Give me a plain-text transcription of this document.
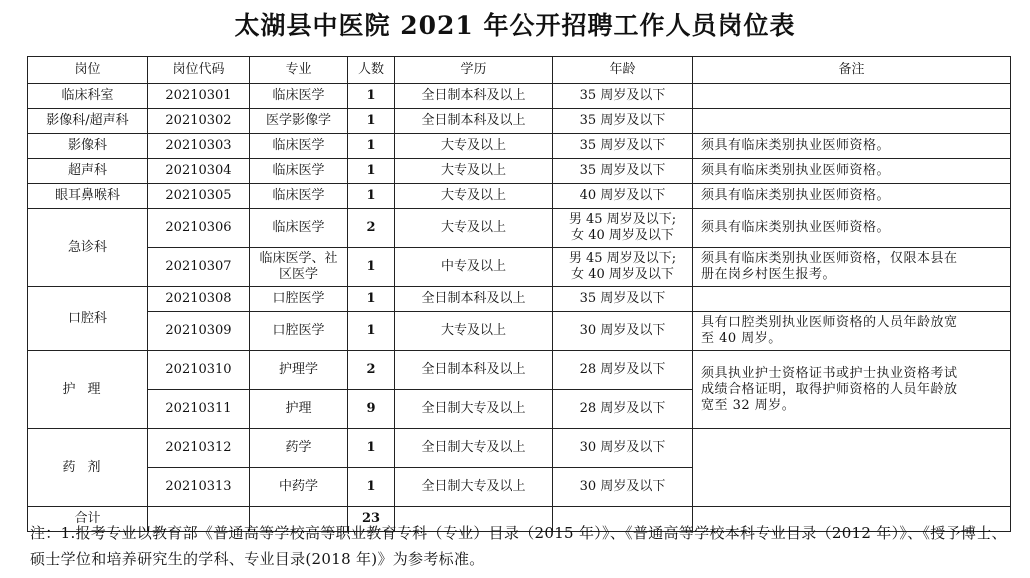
太湖县中医院 2021 年公开招聘工作人员岗位表
岗位	岗位代码	专业	人数	学历	年龄	备注
临床科室	20210301	临床医学	1	全日制本科及以上	35 周岁及以下	
影像科/超声科	20210302	医学影像学	1	全日制本科及以上	35 周岁及以下	
影像科	20210303	临床医学	1	大专及以上	35 周岁及以下	须具有临床类别执业医师资格。
超声科	20210304	临床医学	1	大专及以上	35 周岁及以下	须具有临床类别执业医师资格。
眼耳鼻喉科	20210305	临床医学	1	大专及以上	40 周岁及以下	须具有临床类别执业医师资格。
急诊科	20210306	临床医学	2	大专及以上	男 45 周岁及以下;
女 40 周岁及以下	须具有临床类别执业医师资格。
	20210307	临床医学、社
区医学	1	中专及以上	男 45 周岁及以下;
女 40 周岁及以下	须具有临床类别执业医师资格，仅限本县在
册在岗乡村医生报考。
口腔科	20210308	口腔医学	1	全日制本科及以上	35 周岁及以下	
	20210309	口腔医学	1	大专及以上	30 周岁及以下	具有口腔类别执业医师资格的人员年龄放宽
至 40 周岁。
护理	20210310	护理学	2	全日制本科及以上	28 周岁及以下	须具执业护士资格证书或护士执业资格考试
成绩合格证明，取得护师资格的人员年龄放
宽至 32 周岁。
	20210311	护理	9	全日制大专及以上	28 周岁及以下	
药剂	20210312	药学	1	全日制大专及以上	30 周岁及以下	
	20210313	中药学	1	全日制大专及以上	30 周岁及以下	
合计			23			
注：1.报考专业以教育部《普通高等学校高等职业教育专科（专业）目录（2015 年）》、《普通高等学校本科专业目录（2012 年）》、《授予博士、硕士学位和培养研究生的学科、专业目录(2018 年)》为参考标准。
